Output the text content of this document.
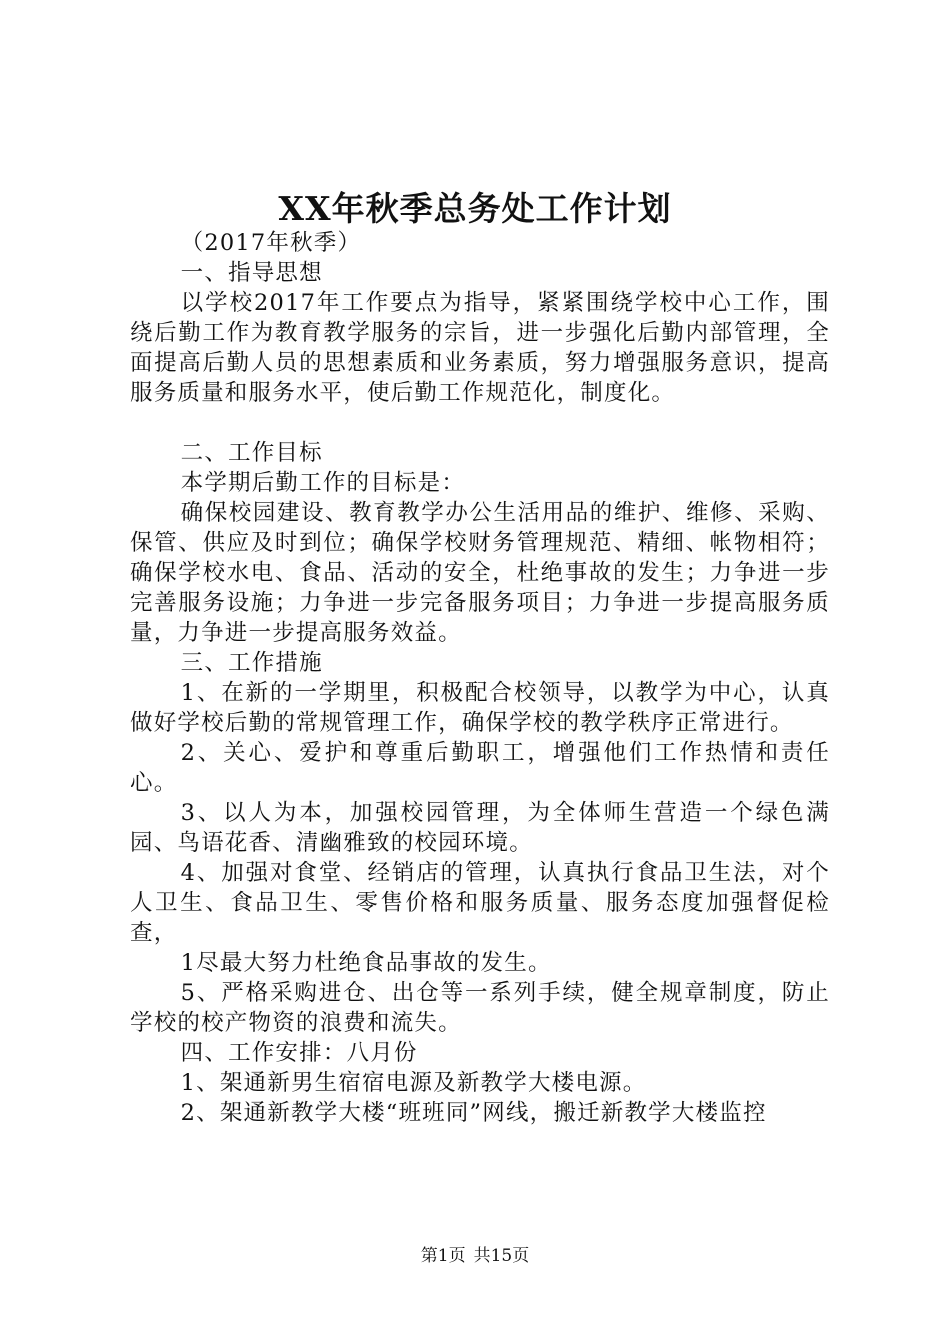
XX年秋季总务处工作计划

（2017年秋季）

一、指导思想

以学校2017年工作要点为指导，紧紧围绕学校中心工作，围绕后勤工作为教育教学服务的宗旨，进一步强化后勤内部管理，全面提高后勤人员的思想素质和业务素质，努力增强服务意识，提高服务质量和服务水平，使后勤工作规范化，制度化。

二、工作目标

本学期后勤工作的目标是：

确保校园建设、教育教学办公生活用品的维护、维修、采购、保管、供应及时到位；确保学校财务管理规范、精细、帐物相符；确保学校水电、食品、活动的安全，杜绝事故的发生；力争进一步完善服务设施；力争进一步完备服务项目；力争进一步提高服务质量，力争进一步提高服务效益。

三、工作措施

1、在新的一学期里，积极配合校领导，以教学为中心，认真做好学校后勤的常规管理工作，确保学校的教学秩序正常进行。

2、关心、爱护和尊重后勤职工，增强他们工作热情和责任心。

3、以人为本，加强校园管理，为全体师生营造一个绿色满园、鸟语花香、清幽雅致的校园环境。

4、加强对食堂、经销店的管理，认真执行食品卫生法，对个人卫生、食品卫生、零售价格和服务质量、服务态度加强督促检查，

1尽最大努力杜绝食品事故的发生。

5、严格采购进仓、出仓等一系列手续，健全规章制度，防止学校的校产物资的浪费和流失。

四、工作安排：八月份

1、架通新男生宿宿电源及新教学大楼电源。

2、架通新教学大楼“班班同”网线，搬迁新教学大楼监控

第1页 共15页
